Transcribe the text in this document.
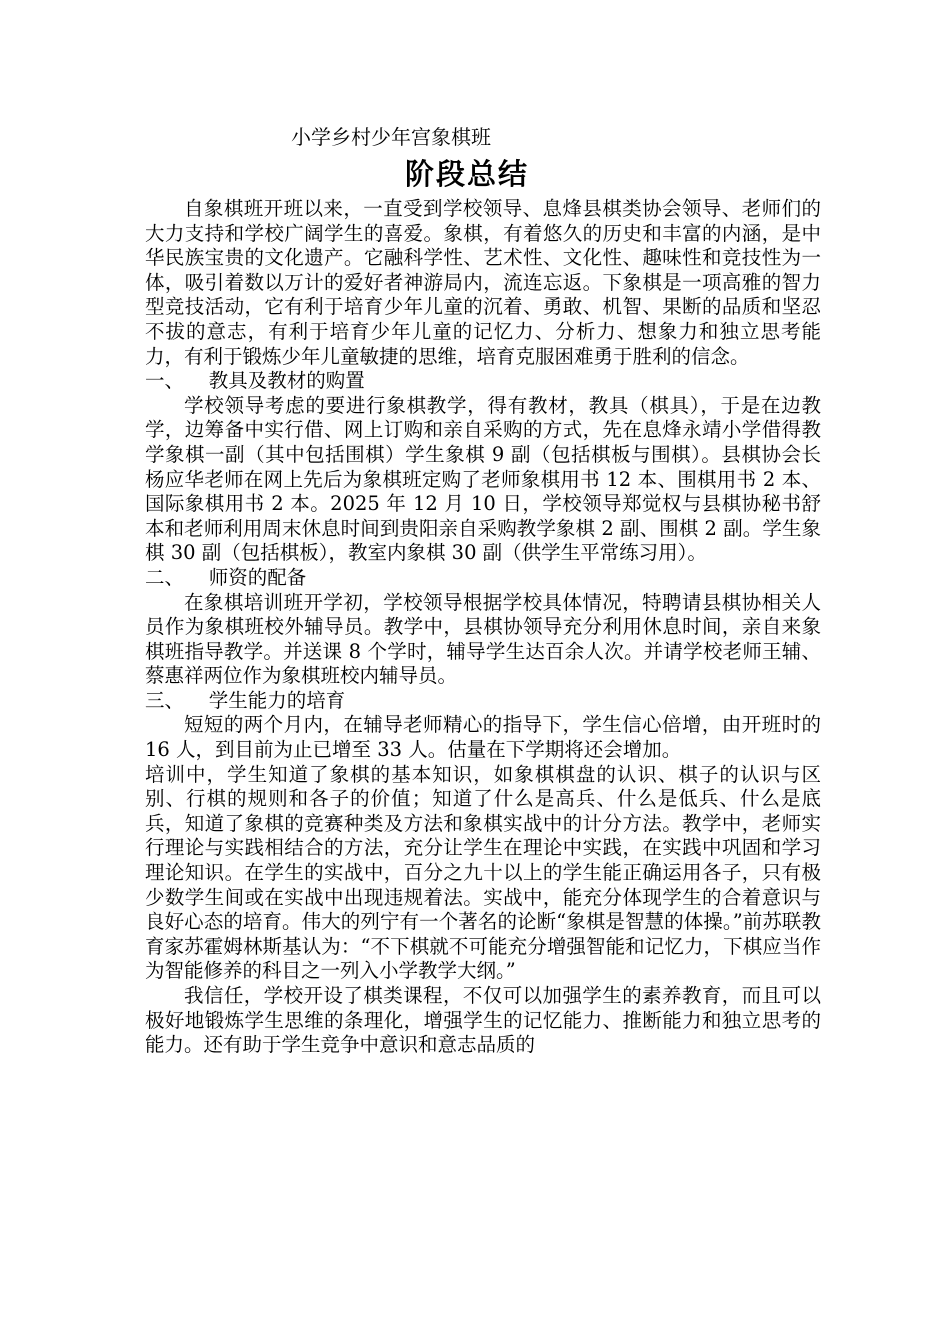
小学乡村少年宫象棋班
阶段总结

自象棋班开班以来，一直受到学校领导、息烽县棋类协会领导、老师们的大力支持和学校广阔学生的喜爱。象棋，有着悠久的历史和丰富的内涵，是中华民族宝贵的文化遗产。它融科学性、艺术性、文化性、趣味性和竞技性为一体，吸引着数以万计的爱好者神游局内，流连忘返。下象棋是一项高雅的智力型竞技活动，它有利于培育少年儿童的沉着、勇敢、机智、果断的品质和坚忍不拔的意志，有利于培育少年儿童的记忆力、分析力、想象力和独立思考能力，有利于锻炼少年儿童敏捷的思维，培育克服困难勇于胜利的信念。

一、    教具及教材的购置

学校领导考虑的要进行象棋教学，得有教材，教具（棋具），于是在边教学，边筹备中实行借、网上订购和亲自采购的方式，先在息烽永靖小学借得教学象棋一副（其中包括围棋）学生象棋 9 副（包括棋板与围棋）。县棋协会长杨应华老师在网上先后为象棋班定购了老师象棋用书 12 本、围棋用书 2 本、国际象棋用书 2 本。2025 年 12 月 10 日，学校领导郑觉权与县棋协秘书舒本和老师利用周末休息时间到贵阳亲自采购教学象棋 2 副、围棋 2 副。学生象棋 30 副（包括棋板），教室内象棋 30 副（供学生平常练习用）。

二、    师资的配备

在象棋培训班开学初，学校领导根据学校具体情况，特聘请县棋协相关人员作为象棋班校外辅导员。教学中，县棋协领导充分利用休息时间，亲自来象棋班指导教学。并送课 8 个学时，辅导学生达百余人次。并请学校老师王辅、蔡惠祥两位作为象棋班校内辅导员。

三、    学生能力的培育

短短的两个月内，在辅导老师精心的指导下，学生信心倍增，由开班时的 16 人，到目前为止已增至 33 人。估量在下学期将还会增加。

培训中，学生知道了象棋的基本知识，如象棋棋盘的认识、棋子的认识与区别、行棋的规则和各子的价值；知道了什么是高兵、什么是低兵、什么是底兵，知道了象棋的竞赛种类及方法和象棋实战中的计分方法。教学中，老师实行理论与实践相结合的方法，充分让学生在理论中实践，在实践中巩固和学习理论知识。在学生的实战中，百分之九十以上的学生能正确运用各子，只有极少数学生间或在实战中出现违规着法。实战中，能充分体现学生的合着意识与良好心态的培育。伟大的列宁有一个著名的论断“象棋是智慧的体操。”前苏联教育家苏霍姆林斯基认为：“不下棋就不可能充分增强智能和记忆力，下棋应当作为智能修养的科目之一列入小学教学大纲。”

我信任，学校开设了棋类课程，不仅可以加强学生的素养教育，而且可以极好地锻炼学生思维的条理化，增强学生的记忆能力、推断能力和独立思考的能力。还有助于学生竞争中意识和意志品质的
